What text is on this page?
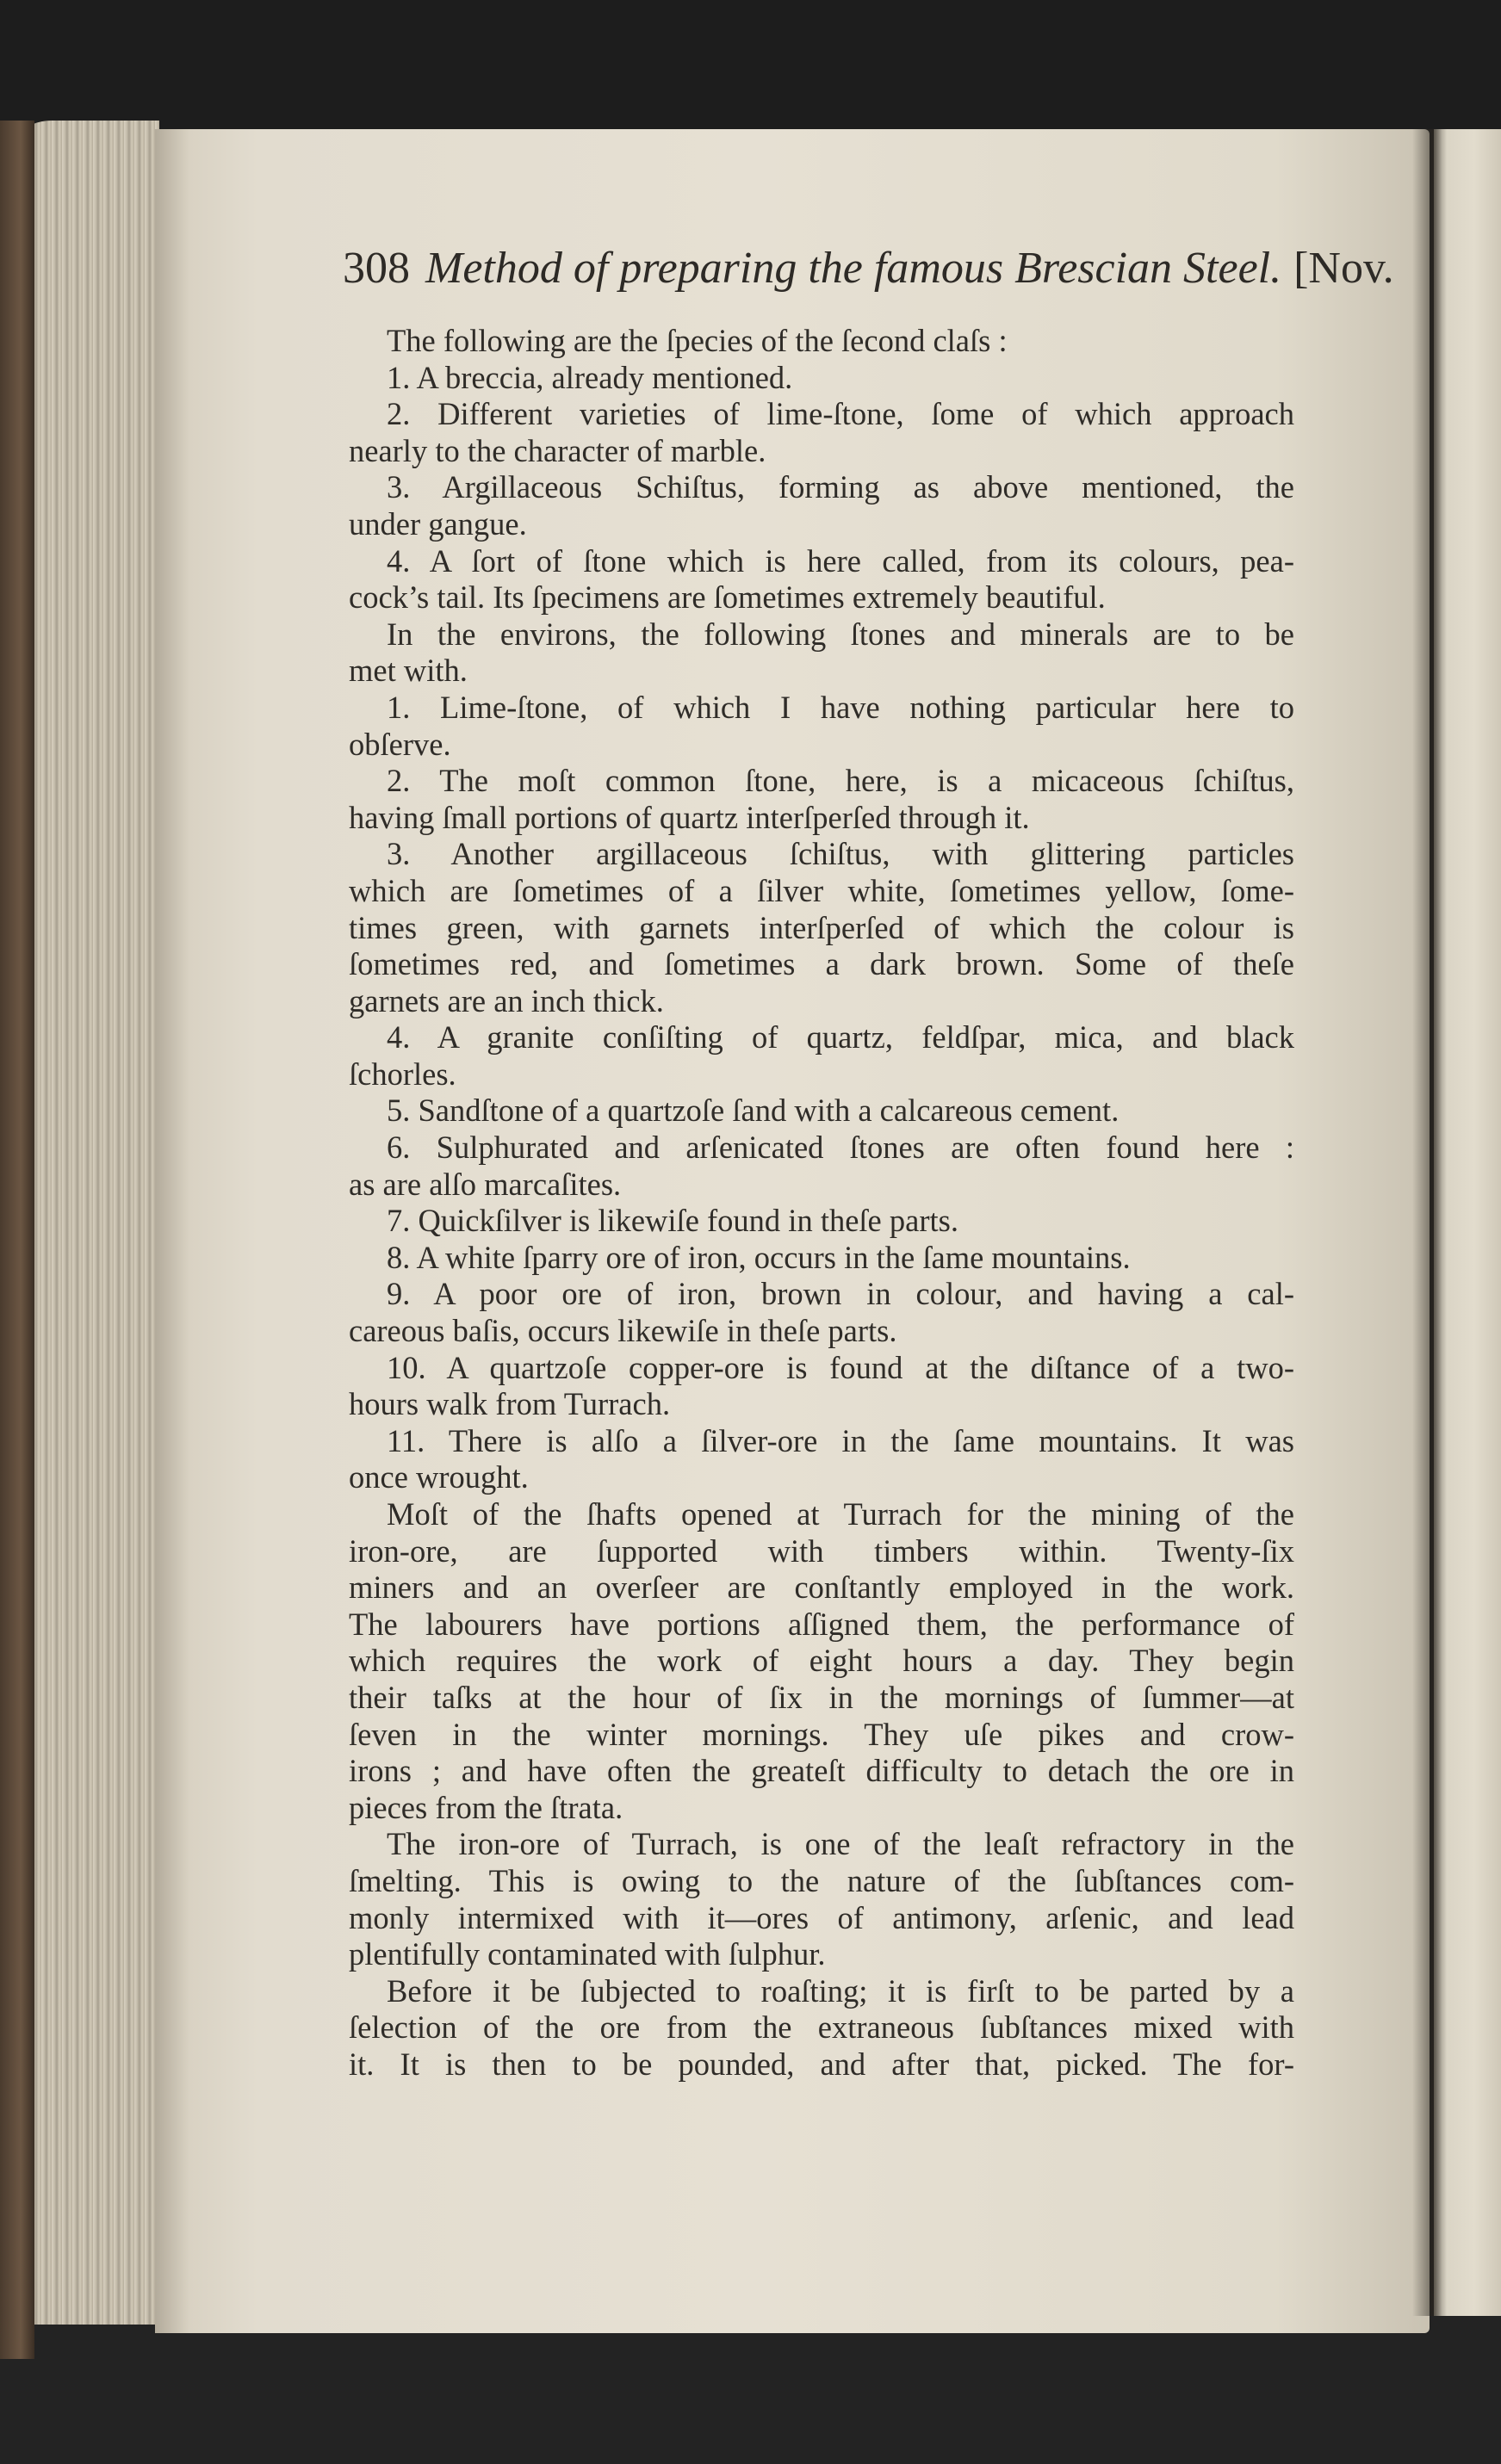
308 Method of preparing the famous Brescian Steel. [Nov.
The following are the ſpecies of the ſecond claſs :
1. A breccia, already mentioned.
2. Different varieties of lime-ſtone, ſome of which approach
nearly to the character of marble.
3. Argillaceous Schiſtus, forming as above mentioned, the
under gangue.
4. A ſort of ſtone which is here called, from its colours, pea-
cock’s tail. Its ſpecimens are ſometimes extremely beautiful.
In the environs, the following ſtones and minerals are to be
met with.
1. Lime-ſtone, of which I have nothing particular here to
obſerve.
2. The moſt common ſtone, here, is a micaceous ſchiſtus,
having ſmall portions of quartz interſperſed through it.
3. Another argillaceous ſchiſtus, with glittering particles
which are ſometimes of a ſilver white, ſometimes yellow, ſome-
times green, with garnets interſperſed of which the colour is
ſometimes red, and ſometimes a dark brown. Some of theſe
garnets are an inch thick.
4. A granite conſiſting of quartz, feldſpar, mica, and black
ſchorles.
5. Sandſtone of a quartzoſe ſand with a calcareous cement.
6. Sulphurated and arſenicated ſtones are often found here :
as are alſo marcaſites.
7. Quickſilver is likewiſe found in theſe parts.
8. A white ſparry ore of iron, occurs in the ſame mountains.
9. A poor ore of iron, brown in colour, and having a cal-
careous baſis, occurs likewiſe in theſe parts.
10. A quartzoſe copper-ore is found at the diſtance of a two-
hours walk from Turrach.
11. There is alſo a ſilver-ore in the ſame mountains. It was
once wrought.
Moſt of the ſhafts opened at Turrach for the mining of the
iron-ore, are ſupported with timbers within. Twenty-ſix
miners and an overſeer are conſtantly employed in the work.
The labourers have portions aſſigned them, the performance of
which requires the work of eight hours a day. They begin
their taſks at the hour of ſix in the mornings of ſummer—at
ſeven in the winter mornings. They uſe pikes and crow-
irons ; and have often the greateſt difficulty to detach the ore in
pieces from the ſtrata.
The iron-ore of Turrach, is one of the leaſt refractory in the
ſmelting. This is owing to the nature of the ſubſtances com-
monly intermixed with it—ores of antimony, arſenic, and lead
plentifully contaminated with ſulphur.
Before it be ſubjected to roaſting; it is firſt to be parted by a
ſelection of the ore from the extraneous ſubſtances mixed with
it. It is then to be pounded, and after that, picked. The for-
